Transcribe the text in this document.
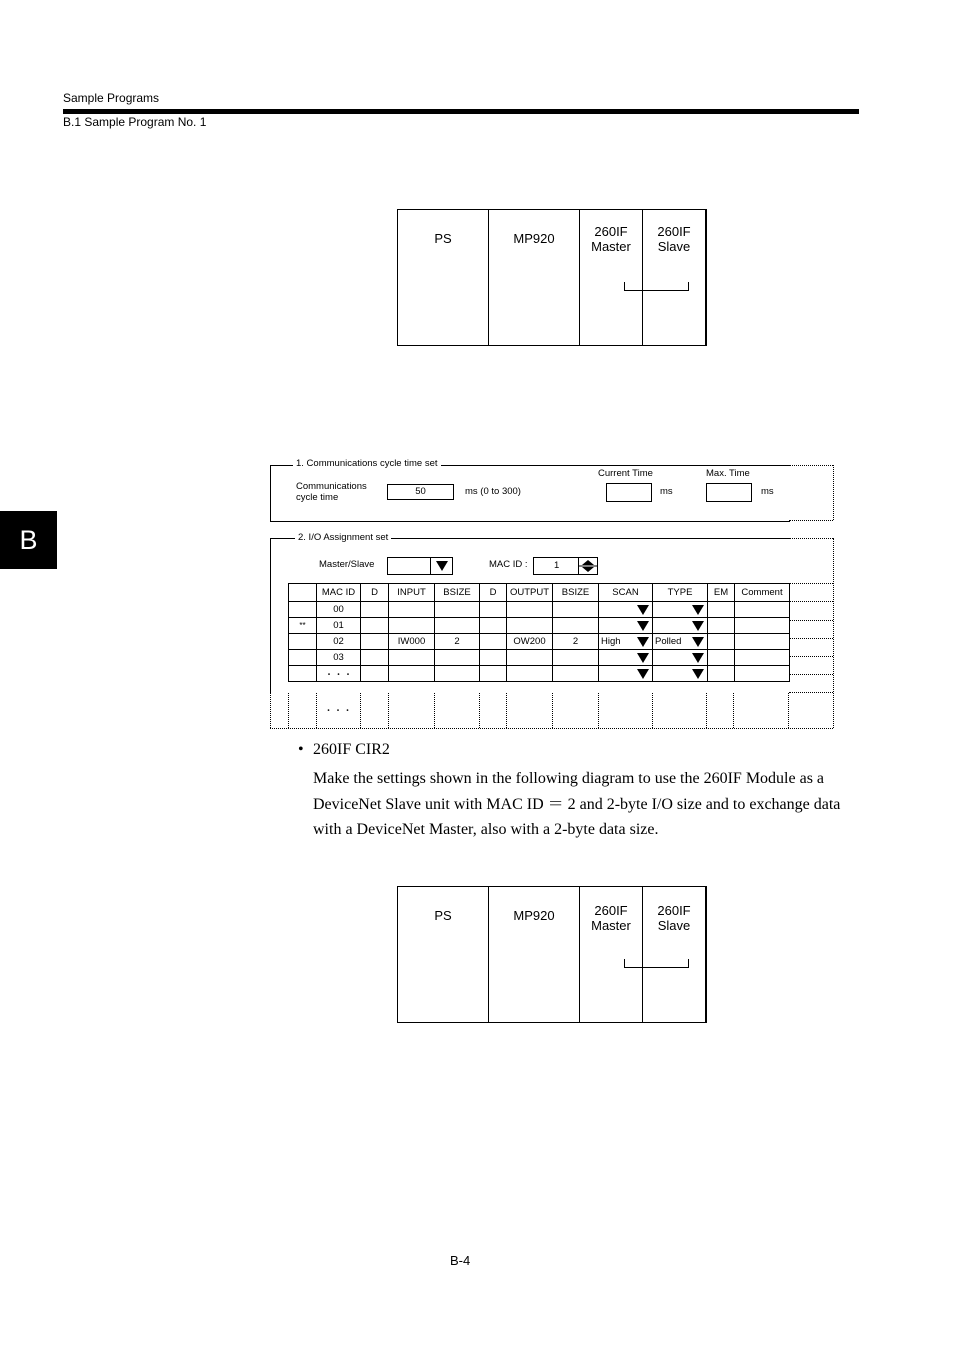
Sample Programs
B.1 Sample Program No. 1
B
PS	MP920	260IF
Master
260IF
Slave
1. Communications cycle time set
Communications
cycle time
50	ms (0 to 300)
Current Time
ms
Max. Time
ms
2. I/O Assignment set
Master/Slave	MAC ID :	1
	MAC ID	D	INPUT	BSIZE	D	OUTPUT	BSIZE	SCAN	TYPE	EM	Comment
	00							

**	01							

	02		IW000	2		OW200	2	High	Polled		

	03							

	・・・							

・・・
• 260IF CIR2
Make the settings shown in the following diagram to use the 260IF Module as a DeviceNet Slave unit with MAC ID ＝ 2 and 2-byte I/O size and to exchange data with a DeviceNet Master, also with a 2-byte data size.
PS	MP920	260IF
Master
260IF
Slave
B-4
